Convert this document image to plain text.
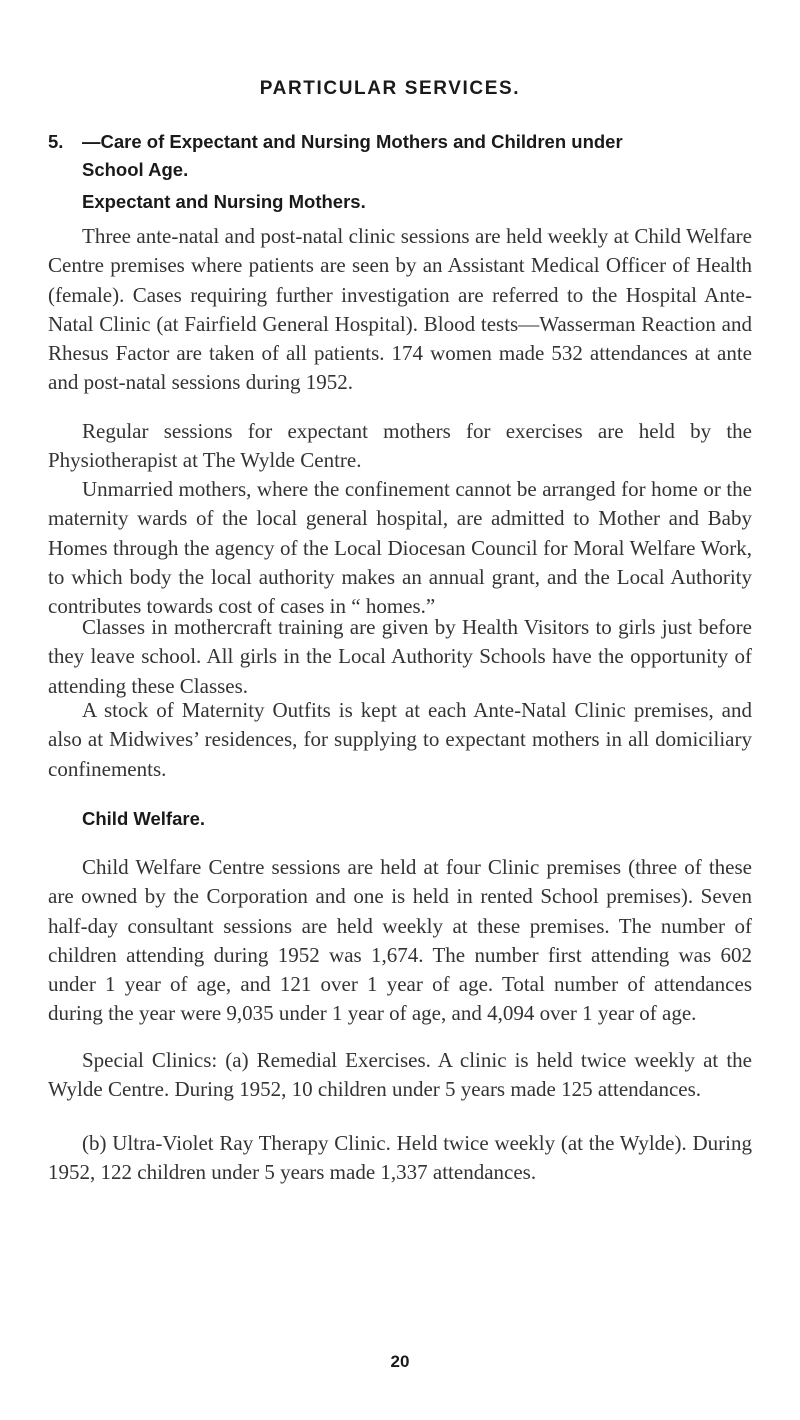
PARTICULAR SERVICES.
5. —Care of Expectant and Nursing Mothers and Children under
School Age.
Expectant and Nursing Mothers.

Three ante-natal and post-natal clinic sessions are held weekly at Child Welfare Centre premises where patients are seen by an Assistant Medical Officer of Health (female). Cases requiring further investigation are referred to the Hospital Ante-Natal Clinic (at Fairfield General Hospital). Blood tests—Wasserman Reaction and Rhesus Factor are taken of all patients. 174 women made 532 attendances at ante and post-natal sessions during 1952.

Regular sessions for expectant mothers for exercises are held by the Physiotherapist at The Wylde Centre.

Unmarried mothers, where the confinement cannot be arranged for home or the maternity wards of the local general hospital, are admitted to Mother and Baby Homes through the agency of the Local Diocesan Council for Moral Welfare Work, to which body the local authority makes an annual grant, and the Local Authority contributes towards cost of cases in “ homes.”

Classes in mothercraft training are given by Health Visitors to girls just before they leave school. All girls in the Local Authority Schools have the opportunity of attending these Classes.

A stock of Maternity Outfits is kept at each Ante-Natal Clinic premises, and also at Midwives’ residences, for supplying to expectant mothers in all domiciliary confinements.

Child Welfare.

Child Welfare Centre sessions are held at four Clinic premises (three of these are owned by the Corporation and one is held in rented School premises). Seven half-day consultant sessions are held weekly at these premises. The number of children attending during 1952 was 1,674. The number first attending was 602 under 1 year of age, and 121 over 1 year of age. Total number of attendances during the year were 9,035 under 1 year of age, and 4,094 over 1 year of age.

Special Clinics: (a) Remedial Exercises. A clinic is held twice weekly at the Wylde Centre. During 1952, 10 children under 5 years made 125 attendances.

(b) Ultra-Violet Ray Therapy Clinic. Held twice weekly (at the Wylde). During 1952, 122 children under 5 years made 1,337 attendances.

20
